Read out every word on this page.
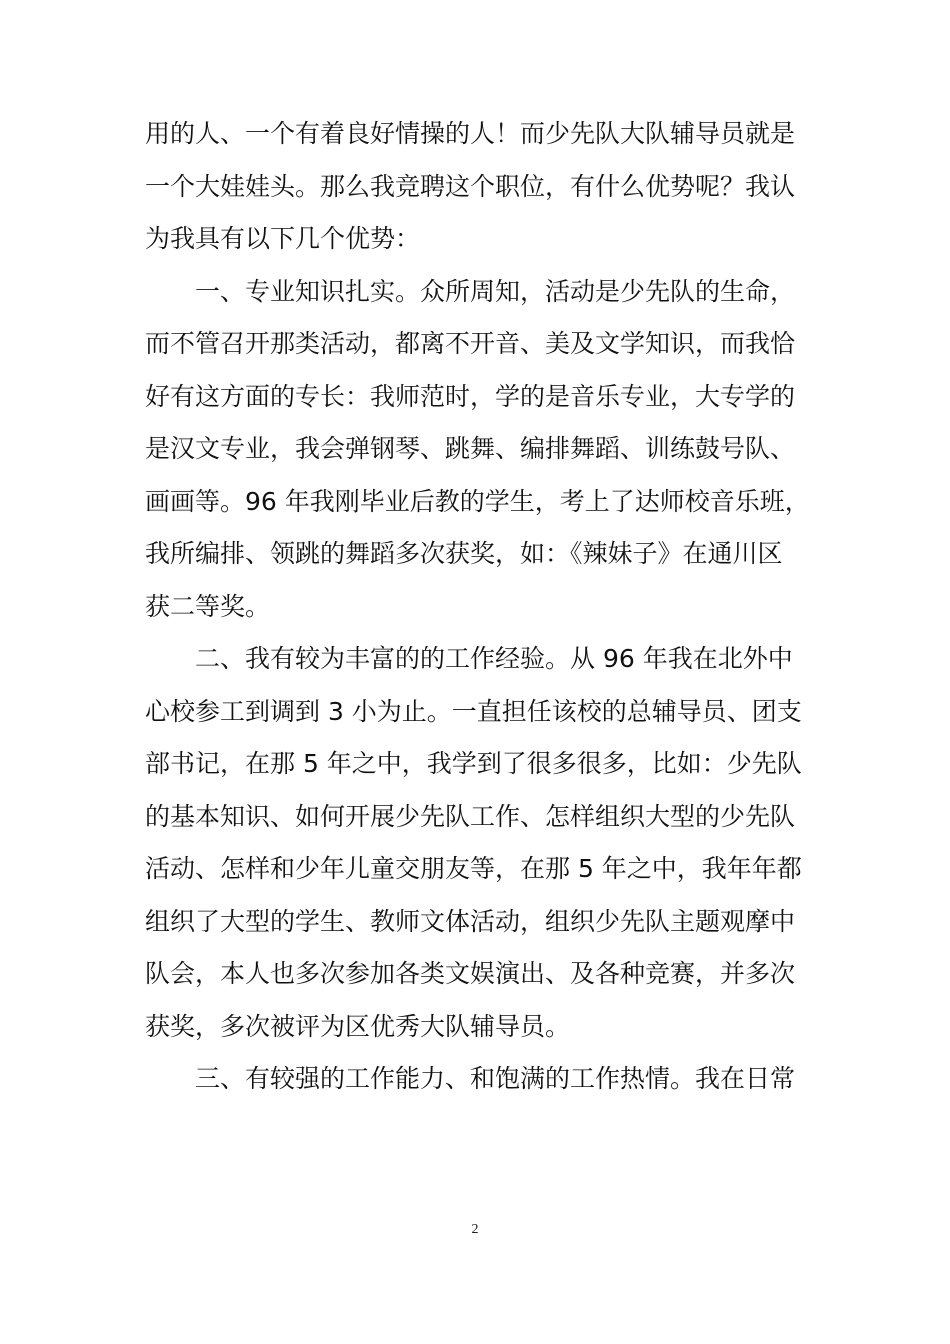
用的人、一个有着良好情操的人！而少先队大队辅导员就是
一个大娃娃头。那么我竞聘这个职位，有什么优势呢？我认
为我具有以下几个优势：
　　一、专业知识扎实。众所周知，活动是少先队的生命，
而不管召开那类活动，都离不开音、美及文学知识，而我恰
好有这方面的专长：我师范时，学的是音乐专业，大专学的
是汉文专业，我会弹钢琴、跳舞、编排舞蹈、训练鼓号队、
画画等。96 年我刚毕业后教的学生，考上了达师校音乐班，
我所编排、领跳的舞蹈多次获奖，如：《辣妹子》在通川区
获二等奖。
　　二、我有较为丰富的的工作经验。从 96 年我在北外中
心校参工到调到 3 小为止。一直担任该校的总辅导员、团支
部书记，在那 5 年之中，我学到了很多很多，比如：少先队
的基本知识、如何开展少先队工作、怎样组织大型的少先队
活动、怎样和少年儿童交朋友等，在那 5 年之中，我年年都
组织了大型的学生、教师文体活动，组织少先队主题观摩中
队会，本人也多次参加各类文娱演出、及各种竞赛，并多次
获奖，多次被评为区优秀大队辅导员。
　　三、有较强的工作能力、和饱满的工作热情。我在日常
2
